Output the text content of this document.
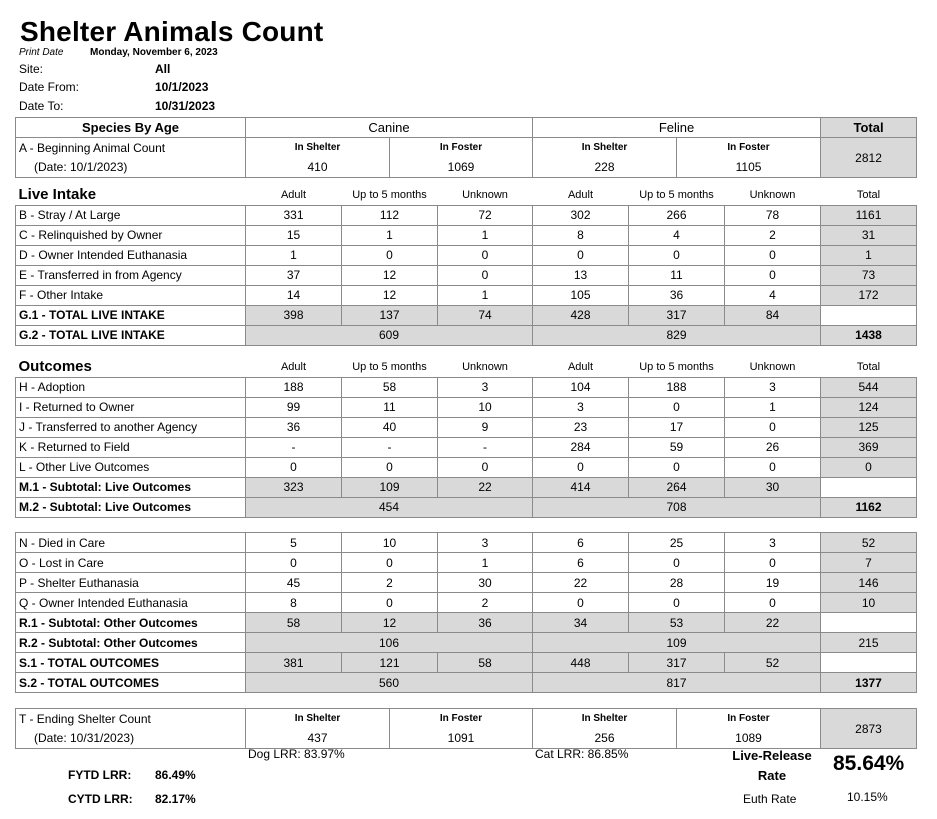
Shelter Animals Count
Print Date	Monday, November 6, 2023
Site:	All
Date From:	10/1/2023
Date To:	10/31/2023
Species By Age	Canine		Feline		Total
A - Beginning Animal Count	In Shelter	In Foster	In Shelter	In Foster	2812
(Date: 10/1/2023)	410	1069	228	1105	
Live Intake	Adult	Up to 5 months	Unknown	Adult	Up to 5 months	Unknown	Total
B - Stray / At Large	331	112	72	302	266	78	1161
C - Relinquished by Owner	15	1	1	8	4	2	31
D - Owner Intended Euthanasia	1	0	0	0	0	0	1
E - Transferred in from Agency	37	12	0	13	11	0	73
F - Other Intake	14	12	1	105	36	4	172
G.1 - TOTAL LIVE INTAKE	398	137	74	428	317	84	
G.2 - TOTAL LIVE INTAKE	609			829			1438
Outcomes	Adult	Up to 5 months	Unknown	Adult	Up to 5 months	Unknown	Total
H - Adoption	188	58	3	104	188	3	544
I - Returned to Owner	99	11	10	3	0	1	124
J - Transferred to another Agency	36	40	9	23	17	0	125
K - Returned to Field	-	-	-	284	59	26	369
L - Other Live Outcomes	0	0	0	0	0	0	0
M.1 - Subtotal: Live Outcomes	323	109	22	414	264	30	
M.2 - Subtotal: Live Outcomes	454			708			1162
N - Died in Care	5	10	3	6	25	3	52
O - Lost in Care	0	0	1	6	0	0	7
P - Shelter Euthanasia	45	2	30	22	28	19	146
Q - Owner Intended Euthanasia	8	0	2	0	0	0	10
R.1 - Subtotal: Other Outcomes	58	12	36	34	53	22	
R.2 - Subtotal: Other Outcomes	106			109			215
S.1 - TOTAL OUTCOMES	381	121	58	448	317	52	
S.2 - TOTAL OUTCOMES	560			817			1377
T - Ending Shelter Count	In Shelter	In Foster	In Shelter	In Foster	2873
(Date: 10/31/2023)	437	1091	256	1089	
Dog LRR: 83.97%	Cat LRR: 86.85%	Live-Release
Rate
85.64%
Euth Rate	10.15%
FYTD LRR: 86.49%
CYTD LRR: 82.17%
